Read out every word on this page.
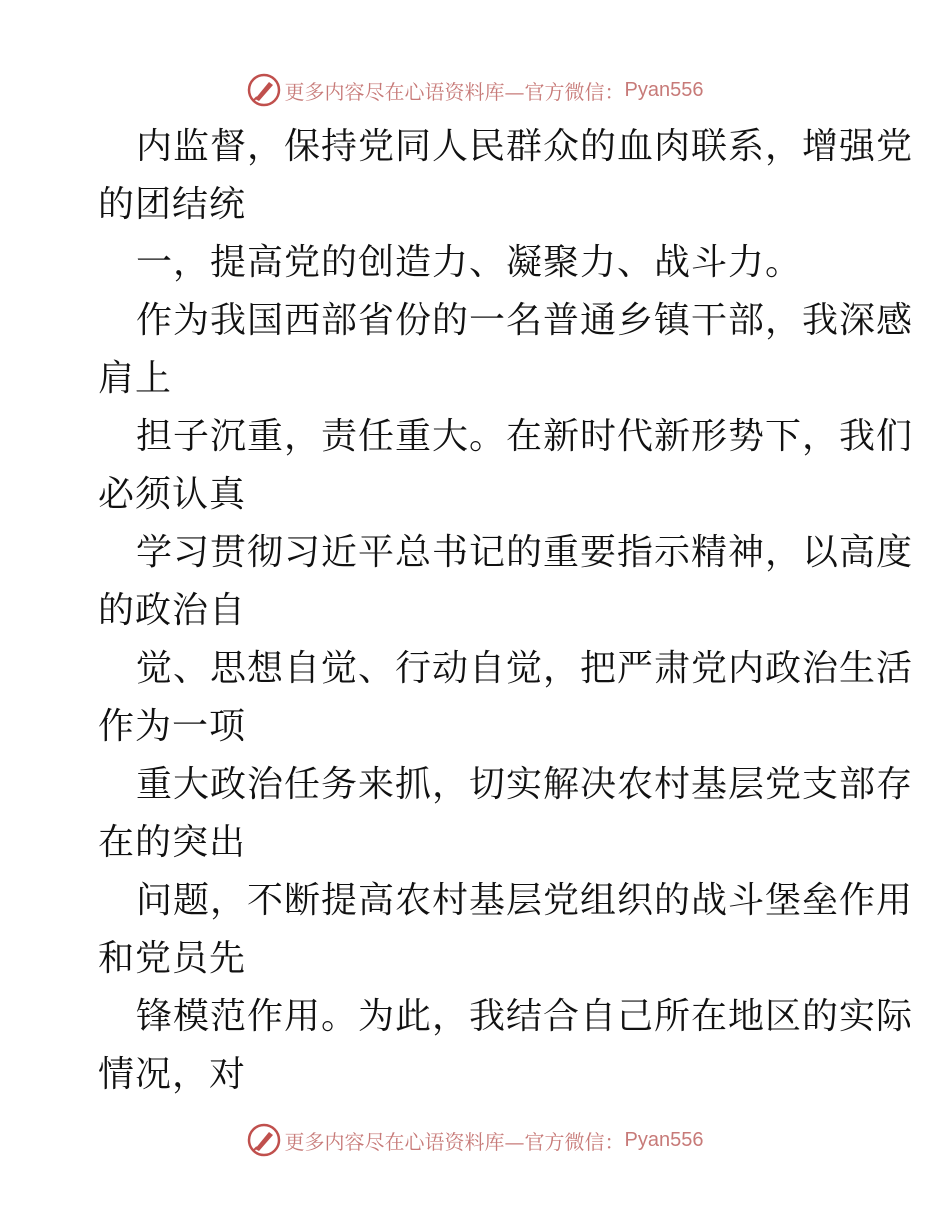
更多内容尽在心语资料库—官方微信： Pyan556
内监督，保持党同人民群众的血肉联系，增强党
的团结统
一，提高党的创造力、凝聚力、战斗力。
作为我国西部省份的一名普通乡镇干部，我深感
肩上
担子沉重，责任重大。在新时代新形势下，我们
必须认真
学习贯彻习近平总书记的重要指示精神，以高度
的政治自
觉、思想自觉、行动自觉，把严肃党内政治生活
作为一项
重大政治任务来抓，切实解决农村基层党支部存
在的突出
问题，不断提高农村基层党组织的战斗堡垒作用
和党员先
锋模范作用。为此，我结合自己所在地区的实际
情况，对
更多内容尽在心语资料库—官方微信： Pyan556
